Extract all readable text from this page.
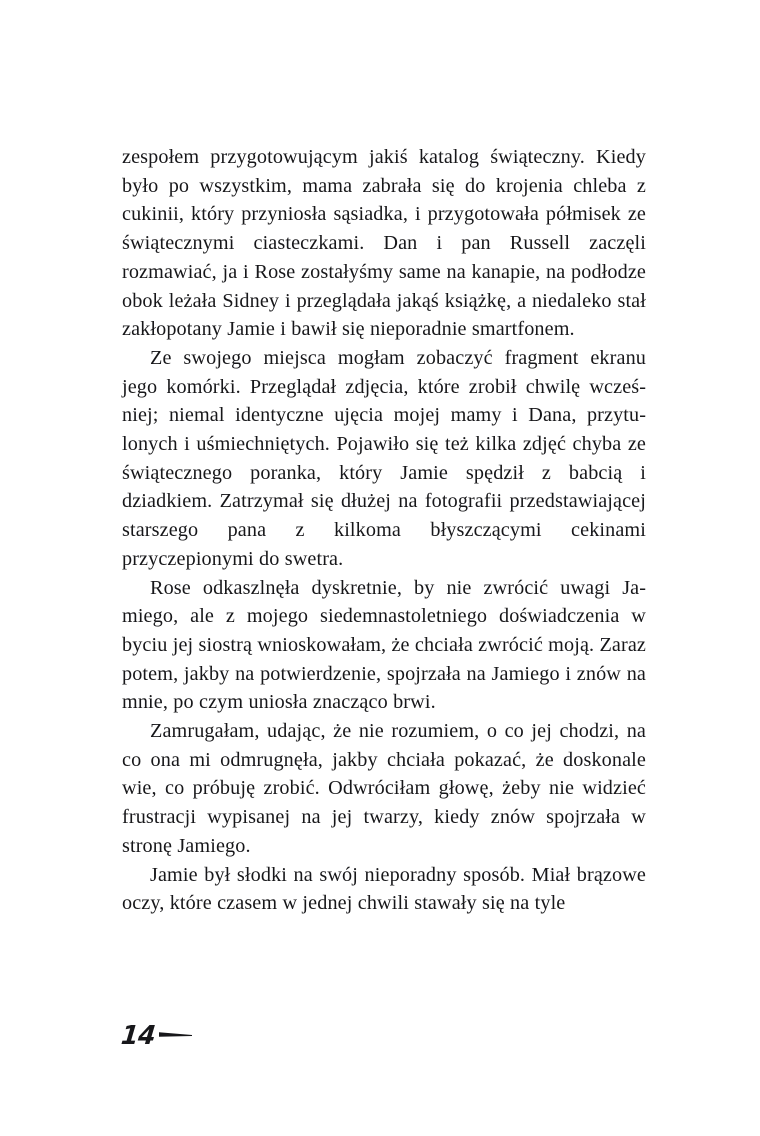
zespołem przygotowującym jakiś katalog świąteczny. Kiedy było po wszystkim, mama zabrała się do krojenia chleba z cukinii, który przyniosła sąsiadka, i przygotowała półmisek ze świątecznymi ciasteczkami. Dan i pan Russell zaczęli rozmawiać, ja i Rose zostałyśmy same na kanapie, na podłodze obok leżała Sidney i przeglądała jakąś książkę, a niedaleko stał zakłopotany Jamie i bawił się nieporadnie smartfonem.

Ze swojego miejsca mogłam zobaczyć fragment ekranu jego komórki. Przeglądał zdjęcia, które zrobił chwilę wcześniej; niemal identyczne ujęcia mojej mamy i Dana, przytulonych i uśmiechniętych. Pojawiło się też kilka zdjęć chyba ze świątecznego poranka, który Jamie spędził z babcią i dziadkiem. Zatrzymał się dłużej na fotografii przedstawiającej starszego pana z kilkoma błyszczącymi cekinami przyczepionymi do swetra.

Rose odkaszlnęła dyskretnie, by nie zwrócić uwagi Jamiego, ale z mojego siedemnastoletniego doświadczenia w byciu jej siostrą wnioskowałam, że chciała zwrócić moją. Zaraz potem, jakby na potwierdzenie, spojrzała na Jamiego i znów na mnie, po czym uniosła znacząco brwi.

Zamrugałam, udając, że nie rozumiem, o co jej chodzi, na co ona mi odmrugnęła, jakby chciała pokazać, że doskonale wie, co próbuję zrobić. Odwróciłam głowę, żeby nie widzieć frustracji wypisanej na jej twarzy, kiedy znów spojrzała w stronę Jamiego.

Jamie był słodki na swój nieporadny sposób. Miał brązowe oczy, które czasem w jednej chwili stawały się na tyle

14
